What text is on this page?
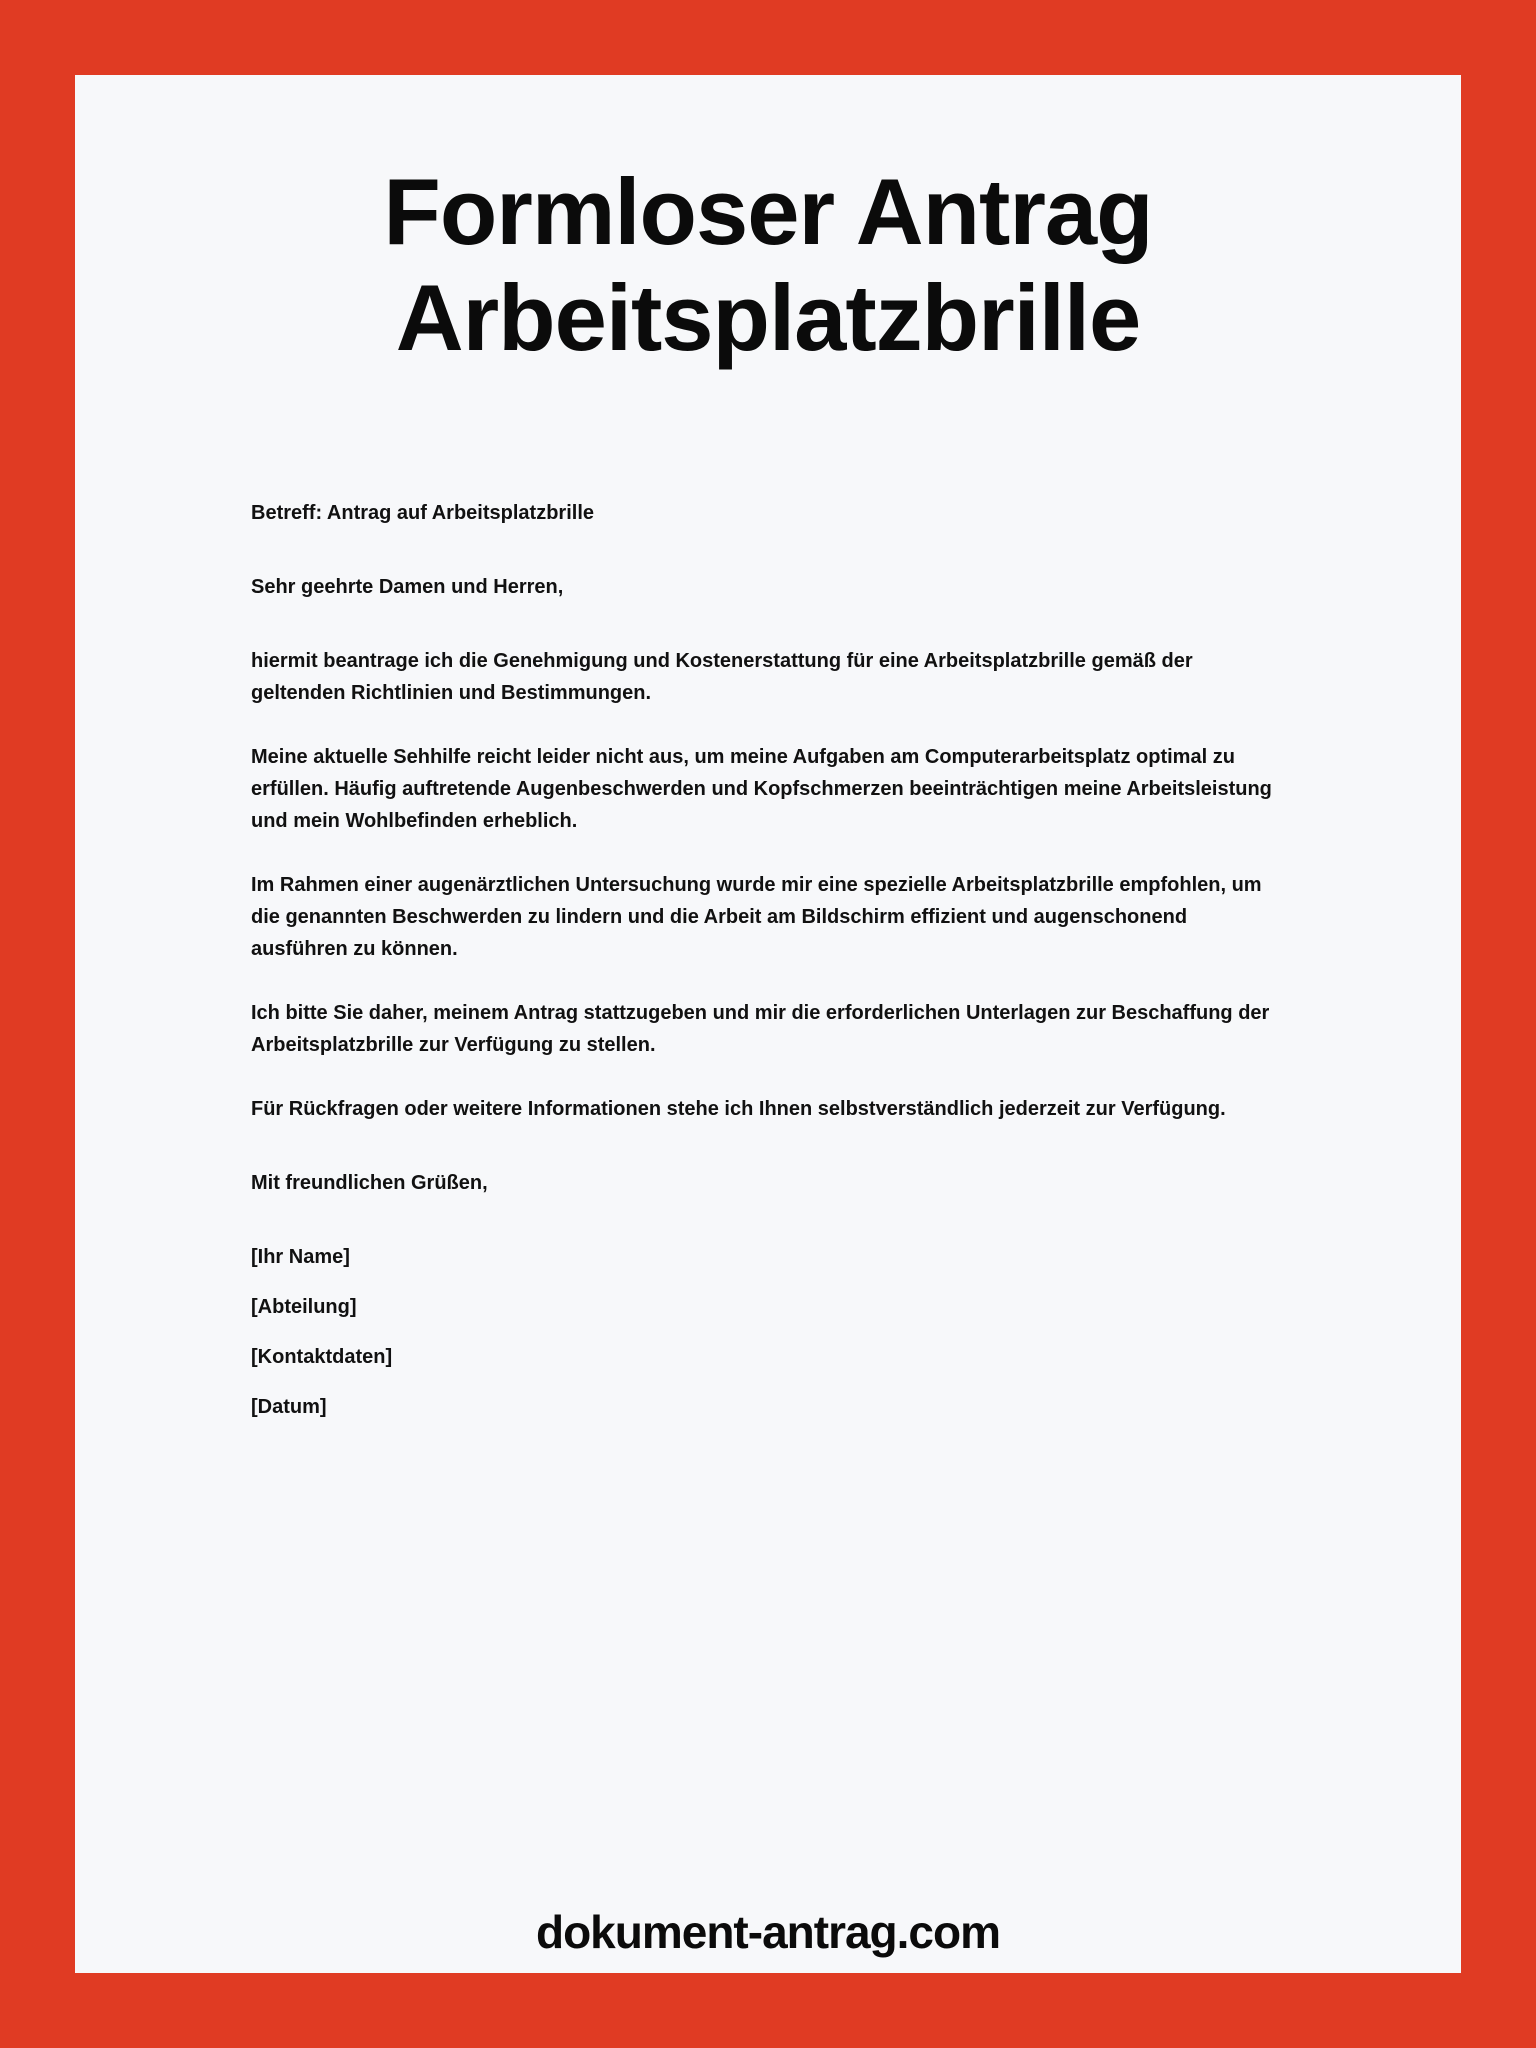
Formloser Antrag
Arbeitsplatzbrille

Betreff: Antrag auf Arbeitsplatzbrille

Sehr geehrte Damen und Herren,

hiermit beantrage ich die Genehmigung und Kostenerstattung für eine Arbeitsplatzbrille gemäß der geltenden Richtlinien und Bestimmungen.

Meine aktuelle Sehhilfe reicht leider nicht aus, um meine Aufgaben am Computerarbeitsplatz optimal zu erfüllen. Häufig auftretende Augenbeschwerden und Kopfschmerzen beeinträchtigen meine Arbeitsleistung und mein Wohlbefinden erheblich.

Im Rahmen einer augenärztlichen Untersuchung wurde mir eine spezielle Arbeitsplatzbrille empfohlen, um die genannten Beschwerden zu lindern und die Arbeit am Bildschirm effizient und augenschonend ausführen zu können.

Ich bitte Sie daher, meinem Antrag stattzugeben und mir die erforderlichen Unterlagen zur Beschaffung der Arbeitsplatzbrille zur Verfügung zu stellen.

Für Rückfragen oder weitere Informationen stehe ich Ihnen selbstverständlich jederzeit zur Verfügung.

Mit freundlichen Grüßen,

[Ihr Name]

[Abteilung]

[Kontaktdaten]

[Datum]

dokument-antrag.com
